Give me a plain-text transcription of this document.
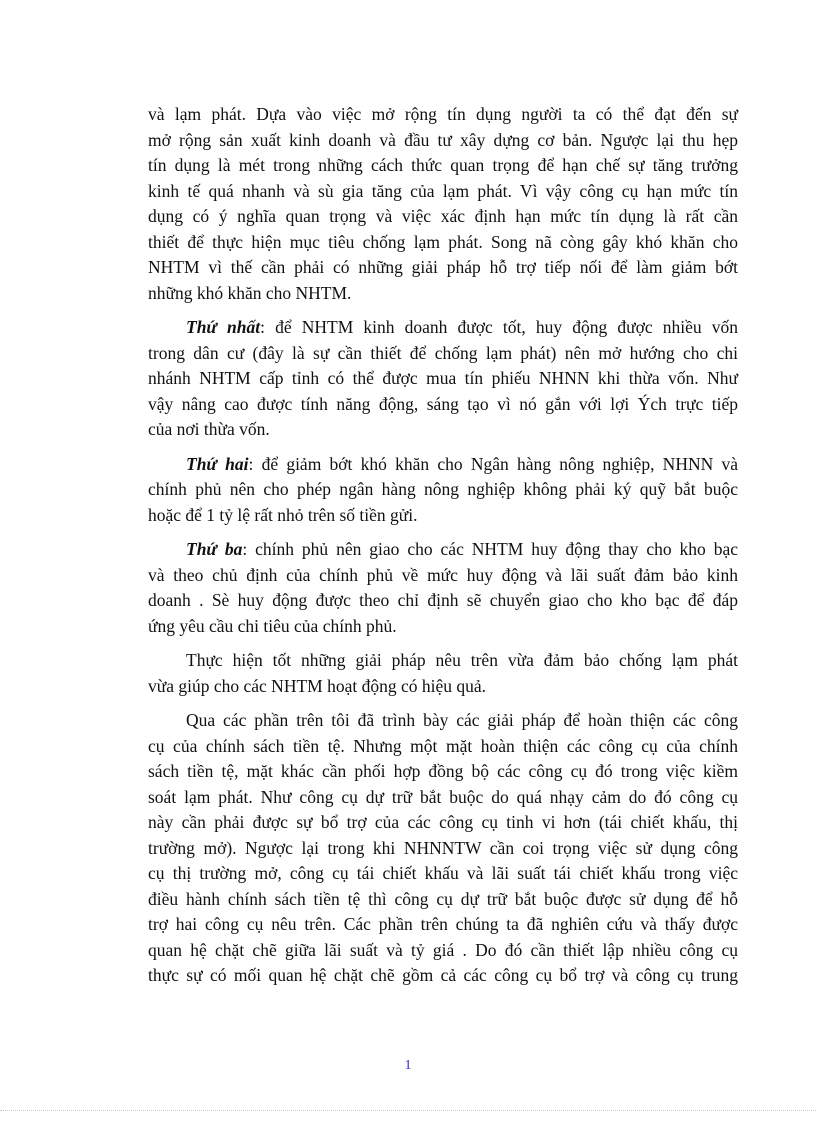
và lạm phát. Dựa vào việc mở rộng tín dụng người ta có thể đạt đến sự
mở rộng sản xuất kinh doanh và đầu tư xây dựng cơ bản. Ngược lại thu hẹp
tín dụng là mét trong những cách thức quan trọng để hạn chế sự tăng trưởng
kinh tế quá nhanh và sù gia tăng của lạm phát. Vì vậy công cụ hạn mức tín
dụng có ý nghĩa quan trọng và việc xác định hạn mức tín dụng là rất cần
thiết để thực hiện mục tiêu chống lạm phát. Song nã còng gây khó khăn cho
NHTM vì thế cần phải có những giải pháp hỗ trợ tiếp nối để làm giảm bớt
những khó khăn cho NHTM.

Thứ nhất: để NHTM kinh doanh được tốt, huy động được nhiều vốn
trong dân cư (đây là sự cần thiết để chống lạm phát) nên mở hướng cho chi
nhánh NHTM cấp tỉnh có thể được mua tín phiếu NHNN khi thừa vốn. Như
vậy nâng cao được tính năng động, sáng tạo vì nó gắn với lợi Ých trực tiếp
của nơi thừa vốn.

Thứ hai: để giảm bớt khó khăn cho Ngân hàng nông nghiệp, NHNN và
chính phủ nên cho phép ngân hàng nông nghiệp không phải ký quỹ bắt buộc
hoặc để 1 tỷ lệ rất nhỏ trên số tiền gửi.

Thứ ba: chính phủ nên giao cho các NHTM huy động thay cho kho bạc
và theo chủ định của chính phủ về mức huy động và lãi suất đảm bảo kinh
doanh . Sè huy động được theo chỉ định sẽ chuyển giao cho kho bạc để đáp
ứng yêu cầu chi tiêu của chính phủ.

Thực hiện tốt những giải pháp nêu trên vừa đảm bảo chống lạm phát
vừa giúp cho các NHTM hoạt động có hiệu quả.

Qua các phần trên tôi đã trình bày các giải pháp để hoàn thiện các công
cụ của chính sách tiền tệ. Nhưng một mặt hoàn thiện các công cụ của chính
sách tiền tệ, mặt khác cần phối hợp đồng bộ các công cụ đó trong việc kiềm
soát lạm phát. Như công cụ dự trữ bắt buộc do quá nhạy cảm do đó công cụ
này cần phải được sự bổ trợ của các công cụ tinh vi hơn (tái chiết khấu, thị
trường mở). Ngược lại trong khi NHNNTW cần coi trọng việc sử dụng công
cụ thị trường mở, công cụ tái chiết khấu và lãi suất tái chiết khấu trong việc
điều hành chính sách tiền tệ thì công cụ dự trữ bắt buộc được sử dụng để hỗ
trợ hai công cụ nêu trên. Các phần trên chúng ta đã nghiên cứu và thấy được
quan hệ chặt chẽ giữa lãi suất và tỷ giá . Do đó cần thiết lập nhiều công cụ
thực sự có mối quan hệ chặt chẽ gồm cả các công cụ bổ trợ và công cụ trung

1
